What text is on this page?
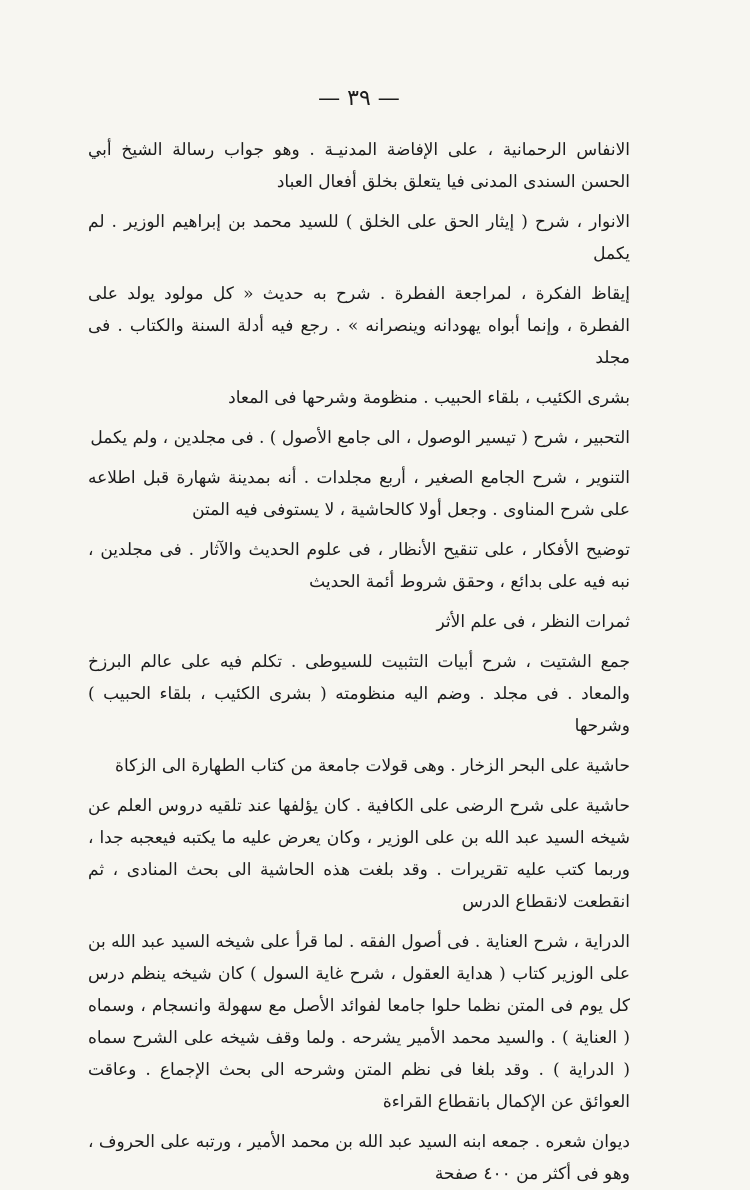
— ٣٩ —

الانفاس الرحمانية ، على الإفاضة المدنيـة . وهو جواب رسالة الشيخ أبي الحسن السندى المدنى فيا يتعلق بخلق أفعال العباد

الانوار ، شرح ( إيثار الحق على الخلق ) للسيد محمد بن إبراهيم الوزير . لم يكمل

إيقاظ الفكرة ، لمراجعة الفطرة . شرح به حديث « كل مولود يولد على الفطرة ، وإنما أبواه يهودانه وينصرانه » . رجع فيه أدلة السنة والكتاب . فى مجلد

بشرى الكئيب ، بلقاء الحبيب . منظومة وشرحها فى المعاد

التحبير ، شرح ( تيسير الوصول ، الى جامع الأصول ) . فى مجلدين ، ولم يكمل

التنوير ، شرح الجامع الصغير ، أربع مجلدات . أنه بمدينة شهارة قبل اطلاعه على شرح المناوى . وجعل أولا كالحاشية ، لا يستوفى فيه المتن

توضيح الأفكار ، على تنقيح الأنظار ، فى علوم الحديث والآثار . فى مجلدين ، نبه فيه على بدائع ، وحقق شروط أئمة الحديث

ثمرات النظر ، فى علم الأثر

جمع الشتيت ، شرح أبيات التثبيت للسيوطى . تكلم فيه على عالم البرزخ والمعاد . فى مجلد . وضم اليه منظومته ( بشرى الكئيب ، بلقاء الحبيب ) وشرحها

حاشية على البحر الزخار . وهى قولات جامعة من كتاب الطهارة الى الزكاة

حاشية على شرح الرضى على الكافية . كان يؤلفها عند تلقيه دروس العلم عن شيخه السيد عبد الله بن على الوزير ، وكان يعرض عليه ما يكتبه فيعجبه جدا ، وربما كتب عليه تقريرات . وقد بلغت هذه الحاشية الى بحث المنادى ، ثم انقطعت لانقطاع الدرس

الدراية ، شرح العناية . فى أصول الفقه . لما قرأ على شيخه السيد عبد الله بن على الوزير كتاب ( هداية العقول ، شرح غاية السول ) كان شيخه ينظم درس كل يوم فى المتن نظما حلوا جامعا لفوائد الأصل مع سهولة وانسجام ، وسماه ( العناية ) . والسيد محمد الأمير يشرحه . ولما وقف شيخه على الشرح سماه ( الدراية ) . وقد بلغا فى نظم المتن وشرحه الى بحث الإجماع . وعاقت العوائق عن الإكمال بانقطاع القراءة

ديوان شعره . جمعه ابنه السيد عبد الله بن محمد الأمير ، ورتبه على الحروف ، وهو فى أكثر من ٤٠٠ صفحة
